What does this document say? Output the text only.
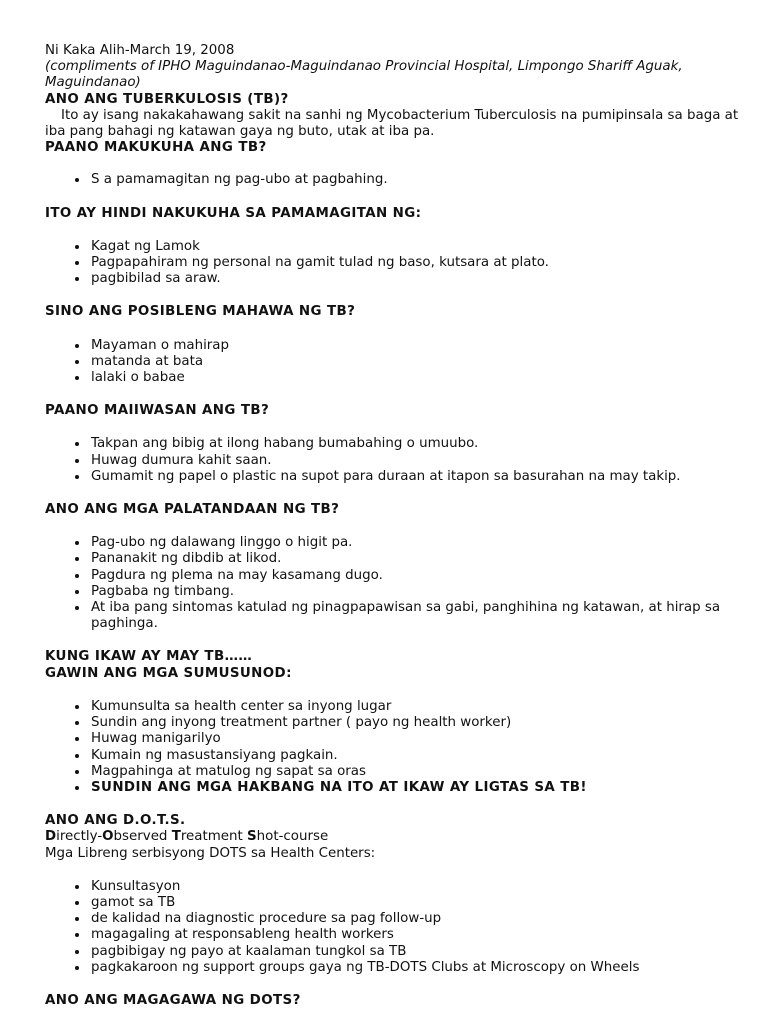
Ni Kaka Alih-March 19, 2008

(compliments of IPHO Maguindanao-Maguindanao Provincial Hospital, Limpongo Shariff Aguak, Maguindanao)

ANO ANG TUBERKULOSIS (TB)?

Ito ay isang nakakahawang sakit na sanhi ng Mycobacterium Tuberculosis na pumipinsala sa baga at iba pang bahagi ng katawan gaya ng buto, utak at iba pa.

PAANO MAKUKUHA ANG TB?

• S a pamamagitan ng pag-ubo at pagbahing.

ITO AY HINDI NAKUKUHA SA PAMAMAGITAN NG:

• Kagat ng Lamok
• Pagpapahiram ng personal na gamit tulad ng baso, kutsara at plato.
• pagbibilad sa araw.

SINO ANG POSIBLENG MAHAWA NG TB?

• Mayaman o mahirap
• matanda at bata
• lalaki o babae

PAANO MAIIWASAN ANG TB?

• Takpan ang bibig at ilong habang bumabahing o umuubo.
• Huwag dumura kahit saan.
• Gumamit ng papel o plastic na supot para duraan at itapon sa basurahan na may takip.

ANO ANG MGA PALATANDAAN NG TB?

• Pag-ubo ng dalawang linggo o higit pa.
• Pananakit ng dibdib at likod.
• Pagdura ng plema na may kasamang dugo.
• Pagbaba ng timbang.
• At iba pang sintomas katulad ng pinagpapawisan sa gabi, panghihina ng katawan, at hirap sa paghinga.

KUNG IKAW AY MAY TB……

GAWIN ANG MGA SUMUSUNOD:

• Kumunsulta sa health center sa inyong lugar
• Sundin ang inyong treatment partner ( payo ng health worker)
• Huwag manigarilyo
• Kumain ng masustansiyang pagkain.
• Magpahinga at matulog ng sapat sa oras
• SUNDIN ANG MGA HAKBANG NA ITO AT IKAW AY LIGTAS SA TB!

ANO ANG D.O.T.S.

Directly-Observed Treatment Shot-course

Mga Libreng serbisyong DOTS sa Health Centers:

• Kunsultasyon
• gamot sa TB
• de kalidad na diagnostic procedure sa pag follow-up
• magagaling at responsableng health workers
• pagbibigay ng payo at kaalaman tungkol sa TB
• pagkakaroon ng support groups gaya ng TB-DOTS Clubs at Microscopy on Wheels

ANO ANG MAGAGAWA NG DOTS?
